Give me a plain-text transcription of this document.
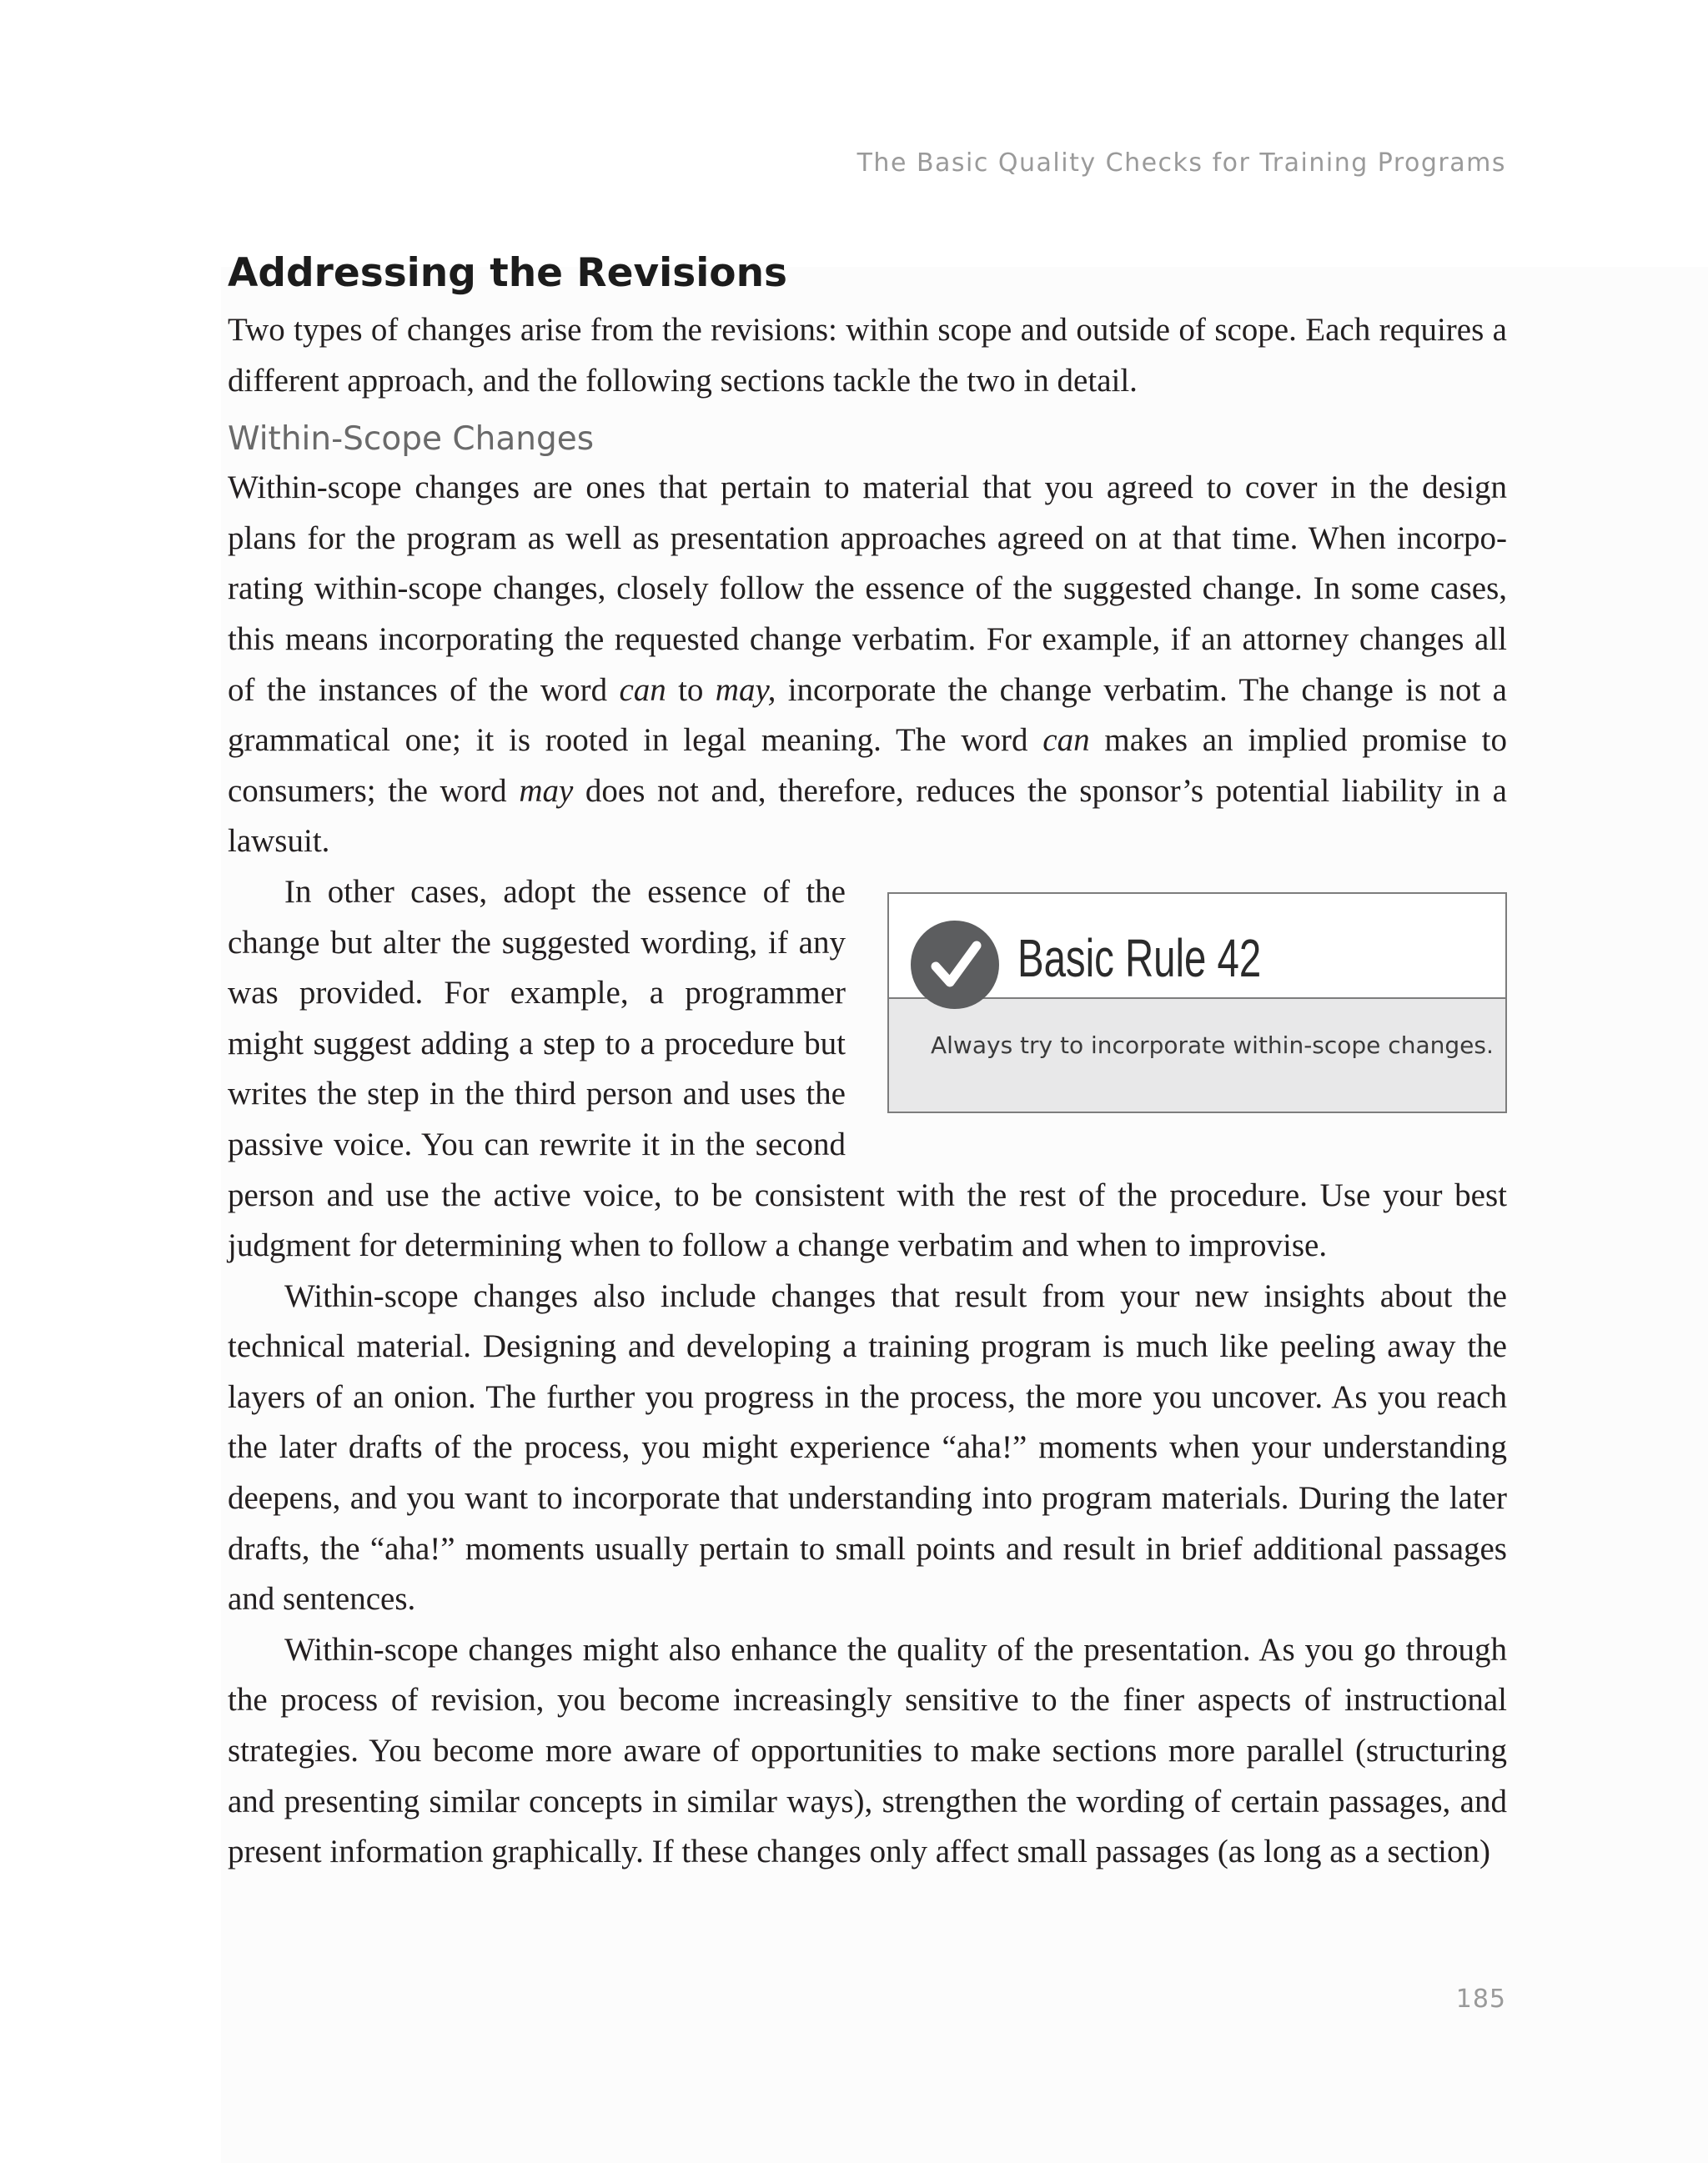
The Basic Quality Checks for Training Programs
Addressing the Revisions

Two types of changes arise from the revisions: within scope and outside of scope. Each requires a different approach, and the following sections tackle the two in detail.

Within-Scope Changes

Within-scope changes are ones that pertain to material that you agreed to cover in the design plans for the program as well as presentation approaches agreed on at that time. When incorporating within-scope changes, closely follow the essence of the suggested change. In some cases, this means incorporating the requested change verbatim. For example, if an attorney changes all of the instances of the word can to may, incorporate the change verbatim. The change is not a grammatical one; it is rooted in legal meaning. The word can makes an implied promise to consumers; the word may does not and, therefore, reduces the sponsor’s potential liability in a lawsuit.

Basic Rule 42
Always try to incorporate within-scope changes.

In other cases, adopt the essence of the change but alter the suggested wording, if any was provided. For example, a programmer might suggest adding a step to a procedure but writes the step in the third person and uses the passive voice. You can rewrite it in the second person and use the active voice, to be consistent with the rest of the procedure. Use your best judgment for determining when to follow a change verbatim and when to improvise.

Within-scope changes also include changes that result from your new insights about the technical material. Designing and developing a training program is much like peeling away the layers of an onion. The further you progress in the process, the more you uncover. As you reach the later drafts of the process, you might experience “aha!” moments when your understanding deepens, and you want to incorporate that understanding into program materials. During the later drafts, the “aha!” moments usually pertain to small points and result in brief additional passages and sentences.

Within-scope changes might also enhance the quality of the presentation. As you go through the process of revision, you become increasingly sensitive to the finer aspects of instructional strategies. You become more aware of opportunities to make sections more parallel (structuring and presenting similar concepts in similar ways), strengthen the wording of certain passages, and present information graphically. If these changes only affect small passages (as long as a section)

185
